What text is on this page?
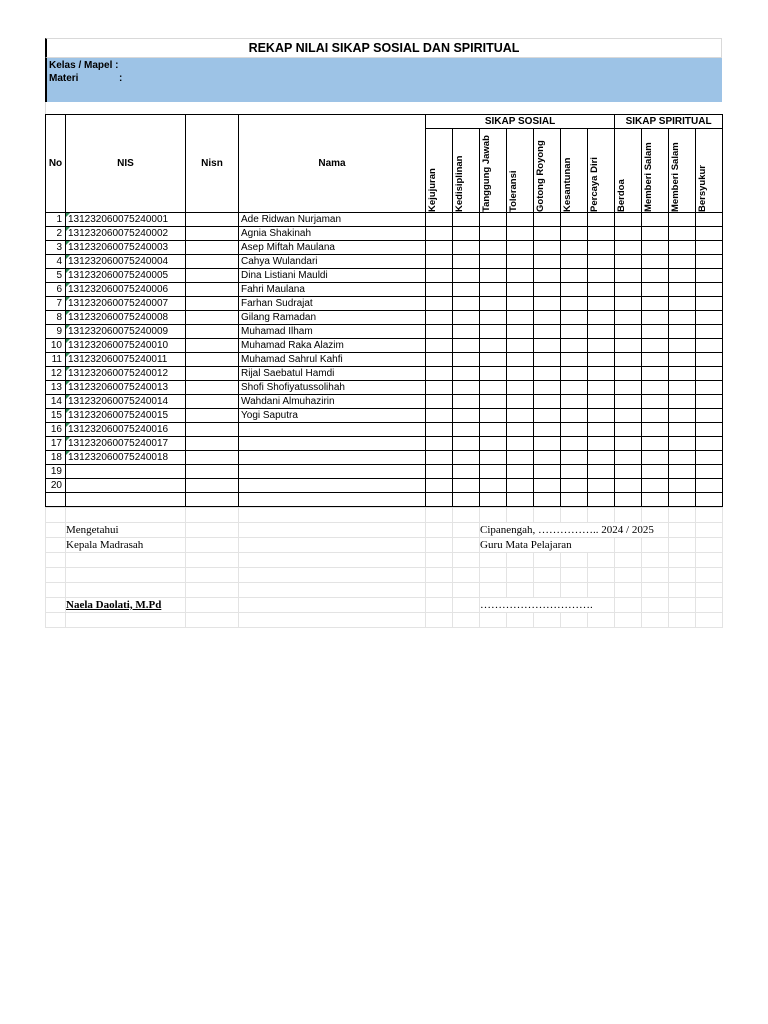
REKAP NILAI SIKAP SOSIAL DAN SPIRITUAL
Kelas / Mapel :
Materi	:
No	NIS	Nisn	Nama	SIKAP SOSIAL							SIKAP SPIRITUAL			

				Kejujuran	Kedisiplinan	Tanggung Jawab	Toleransi	Gotong Royong	Kesantunan	Percaya Diri	Berdoa	Memberi Salam	Memberi Salam	Bersyukur

1	131232060075240001		Ade Ridwan Nurjaman											
2	131232060075240002		Agnia Shakinah											
3	131232060075240003		Asep Miftah Maulana											
4	131232060075240004		Cahya Wulandari											
5	131232060075240005		Dina Listiani Mauldi											
6	131232060075240006		Fahri Maulana											
7	131232060075240007		Farhan Sudrajat											
8	131232060075240008		Gilang Ramadan											
9	131232060075240009		Muhamad Ilham											
10	131232060075240010		Muhamad Raka Alazim											
11	131232060075240011		Muhamad Sahrul Kahfi											
12	131232060075240012		Rijal Saebatul Hamdi											
13	131232060075240013		Shofi Shofiyatussolihah											
14	131232060075240014		Wahdani Almuhazirin											
15	131232060075240015		Yogi Saputra											
16	131232060075240016													
17	131232060075240017													
18	131232060075240018													
19														
20														

	Mengetahui					Cipanengah, …………….. 2024 / 2025								
	Kepala Madrasah					Guru Mata Pelajaran								

	Naela Daolati, M.Pd					………………………….								
